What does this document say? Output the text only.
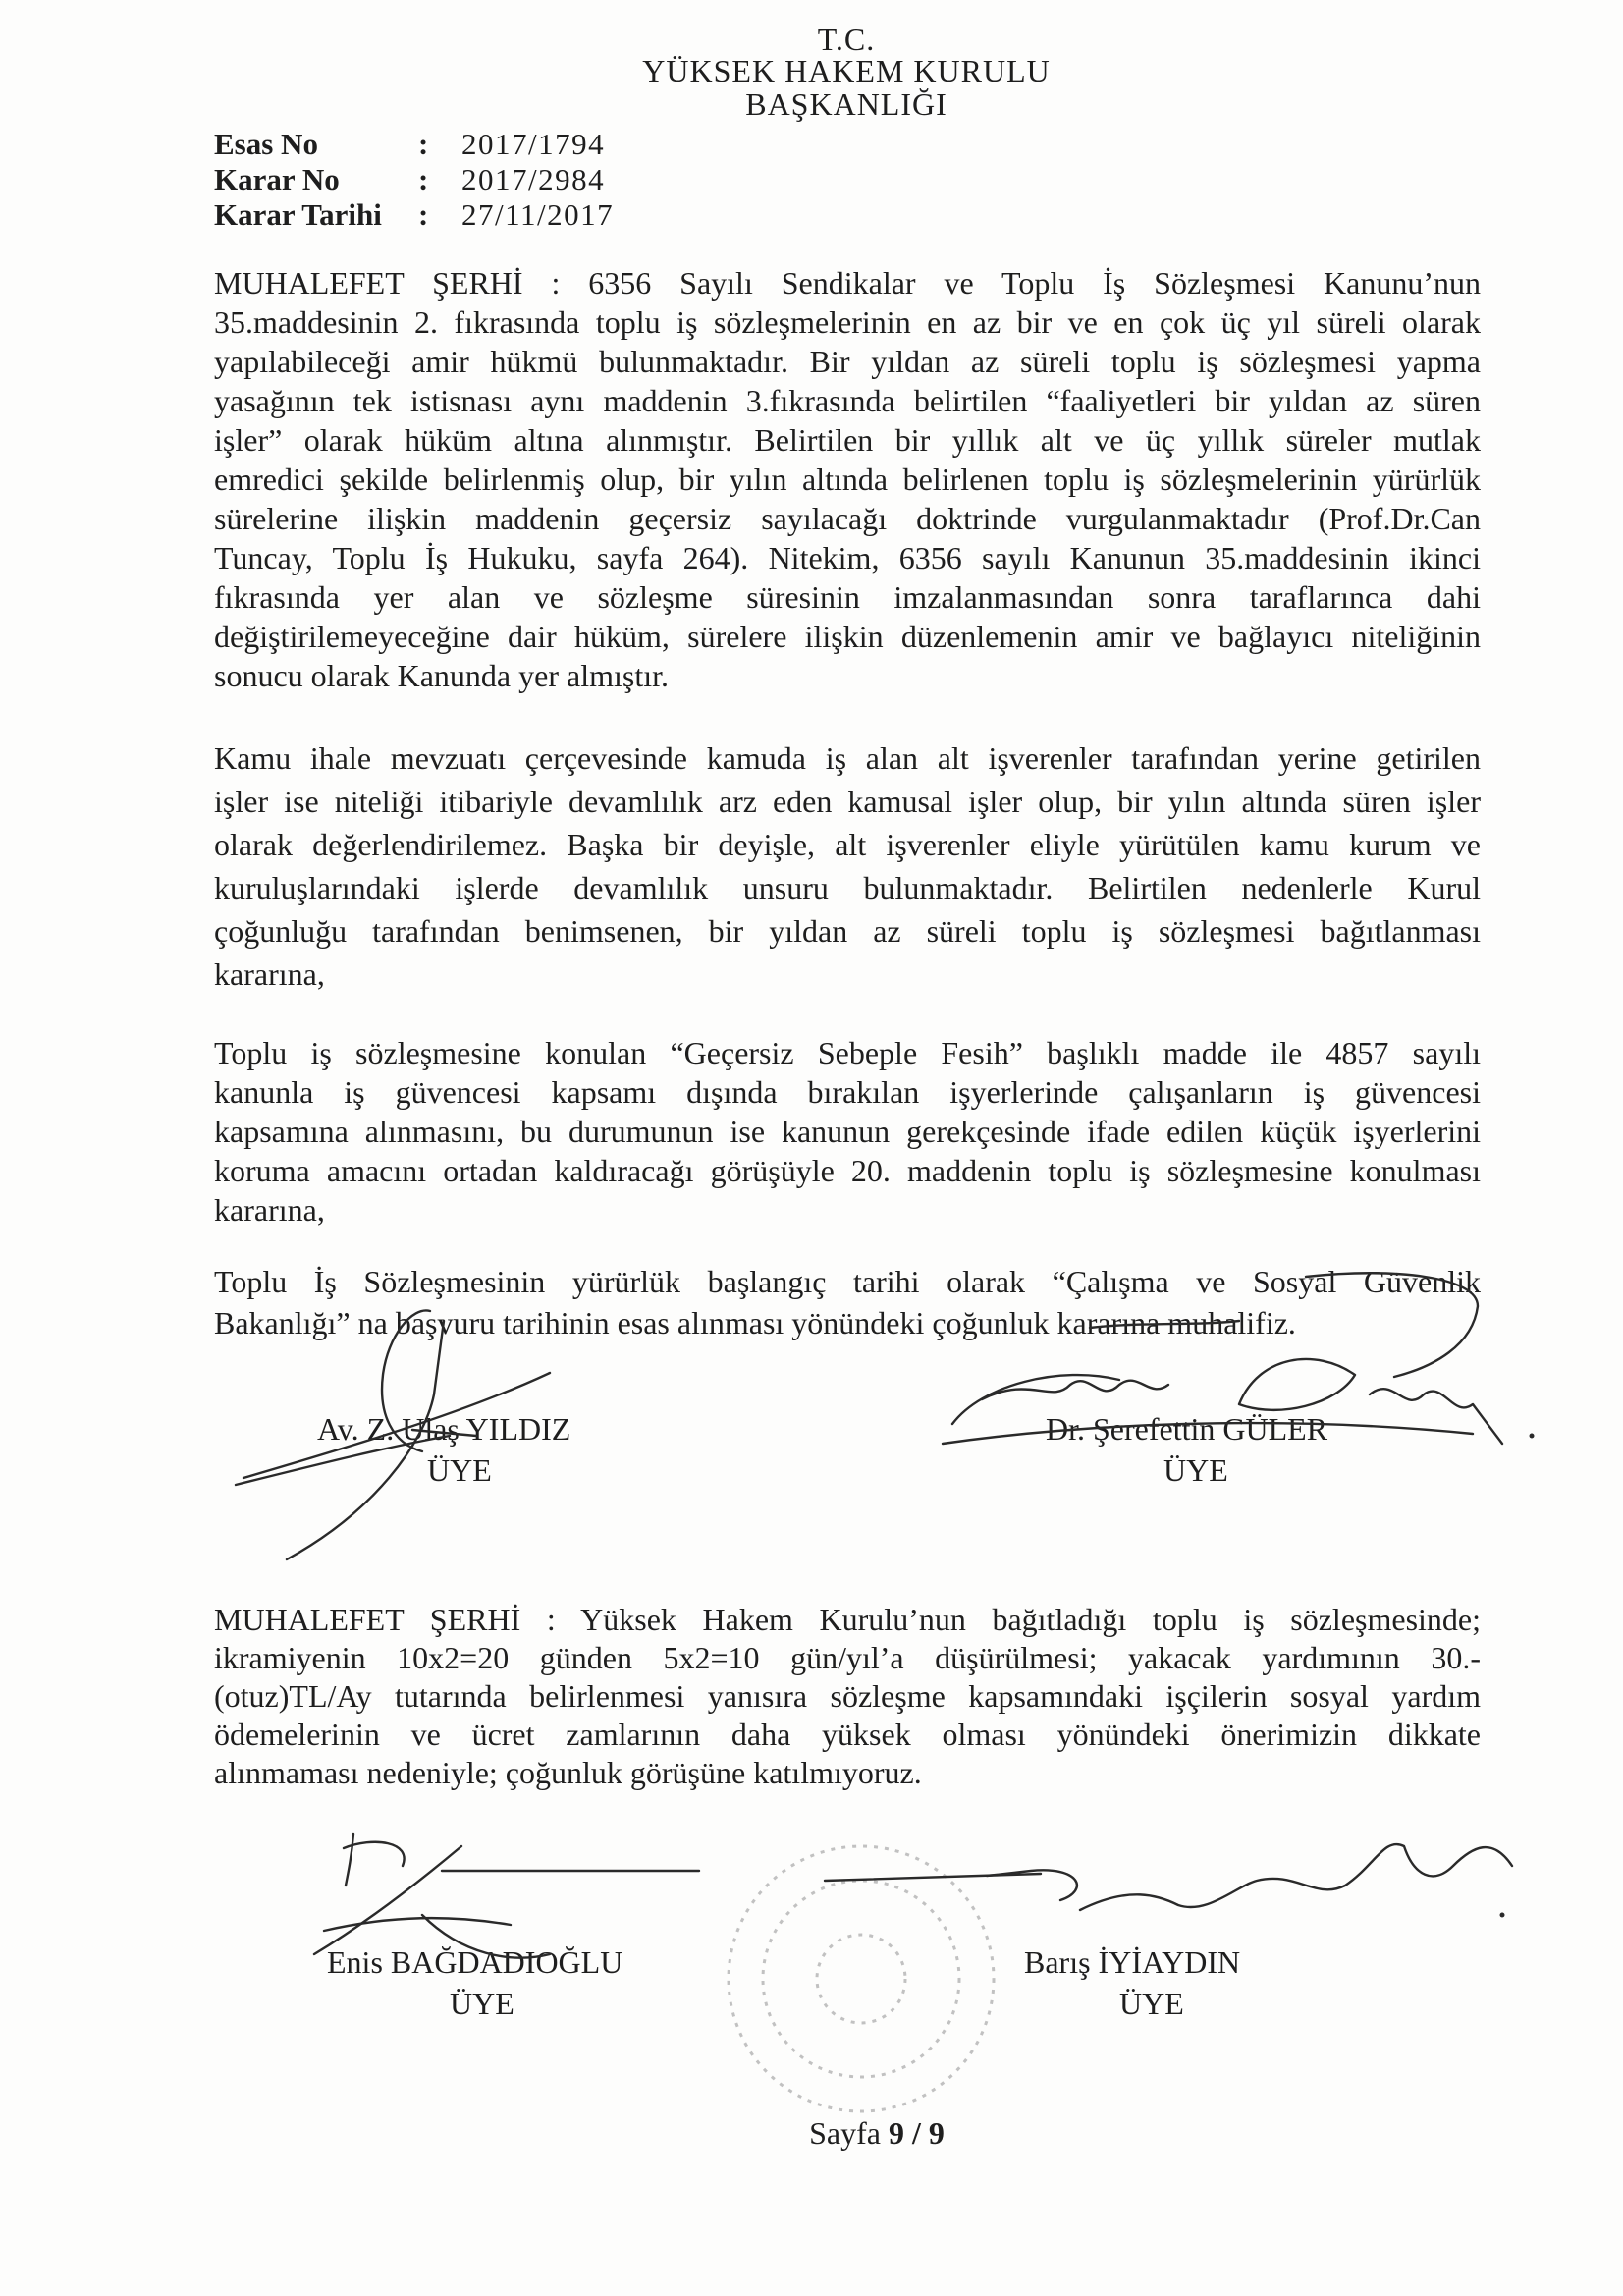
T.C.
YÜKSEK HAKEM KURULU
BAŞKANLIĞI
Esas No	: 2017/1794
Karar No	: 2017/2984
Karar Tarihi : 27/11/2017
MUHALEFET ŞERHİ : 6356 Sayılı Sendikalar ve Toplu İş Sözleşmesi Kanunu’nun
35.maddesinin 2. fıkrasında toplu iş sözleşmelerinin en az bir ve en çok üç yıl süreli olarak
yapılabileceği amir hükmü bulunmaktadır. Bir yıldan az süreli toplu iş sözleşmesi yapma
yasağının tek istisnası aynı maddenin 3.fıkrasında belirtilen “faaliyetleri bir yıldan az süren
işler” olarak hüküm altına alınmıştır. Belirtilen bir yıllık alt ve üç yıllık süreler mutlak
emredici şekilde belirlenmiş olup, bir yılın altında belirlenen toplu iş sözleşmelerinin yürürlük
sürelerine ilişkin maddenin geçersiz sayılacağı doktrinde vurgulanmaktadır (Prof.Dr.Can
Tuncay, Toplu İş Hukuku, sayfa 264). Nitekim, 6356 sayılı Kanunun 35.maddesinin ikinci
fıkrasında yer alan ve sözleşme süresinin imzalanmasından sonra taraflarınca dahi
değiştirilemeyeceğine dair hüküm, sürelere ilişkin düzenlemenin amir ve bağlayıcı niteliğinin
sonucu olarak Kanunda yer almıştır.
Kamu ihale mevzuatı çerçevesinde kamuda iş alan alt işverenler tarafından yerine getirilen
işler ise niteliği itibariyle devamlılık arz eden kamusal işler olup, bir yılın altında süren işler
olarak değerlendirilemez. Başka bir deyişle, alt işverenler eliyle yürütülen kamu kurum ve
kuruluşlarındaki işlerde devamlılık unsuru bulunmaktadır. Belirtilen nedenlerle Kurul
çoğunluğu tarafından benimsenen, bir yıldan az süreli toplu iş sözleşmesi bağıtlanması
kararına,
Toplu iş sözleşmesine konulan “Geçersiz Sebeple Fesih” başlıklı madde ile 4857 sayılı
kanunla iş güvencesi kapsamı dışında bırakılan işyerlerinde çalışanların iş güvencesi
kapsamına alınmasını, bu durumunun ise kanunun gerekçesinde ifade edilen küçük işyerlerini
koruma amacını ortadan kaldıracağı görüşüyle 20. maddenin toplu iş sözleşmesine konulması
kararına,
Toplu İş Sözleşmesinin yürürlük başlangıç tarihi olarak “Çalışma ve Sosyal Güvenlik
Bakanlığı” na başvuru tarihinin esas alınması yönündeki çoğunluk kararına muhalifiz.
Av. Z. Ulaş YILDIZ
ÜYE
Dr. Şerefettin GÜLER
ÜYE
MUHALEFET ŞERHİ : Yüksek Hakem Kurulu’nun bağıtladığı toplu iş sözleşmesinde;
ikramiyenin 10x2=20 günden 5x2=10 gün/yıl’a düşürülmesi; yakacak yardımının 30.-
(otuz)TL/Ay tutarında belirlenmesi yanısıra sözleşme kapsamındaki işçilerin sosyal yardım
ödemelerinin ve ücret zamlarının daha yüksek olması yönündeki önerimizin dikkate
alınmaması nedeniyle; çoğunluk görüşüne katılmıyoruz.
Enis BAĞDADIOĞLU
ÜYE
Barış İYİAYDIN
ÜYE
Sayfa 9 / 9
